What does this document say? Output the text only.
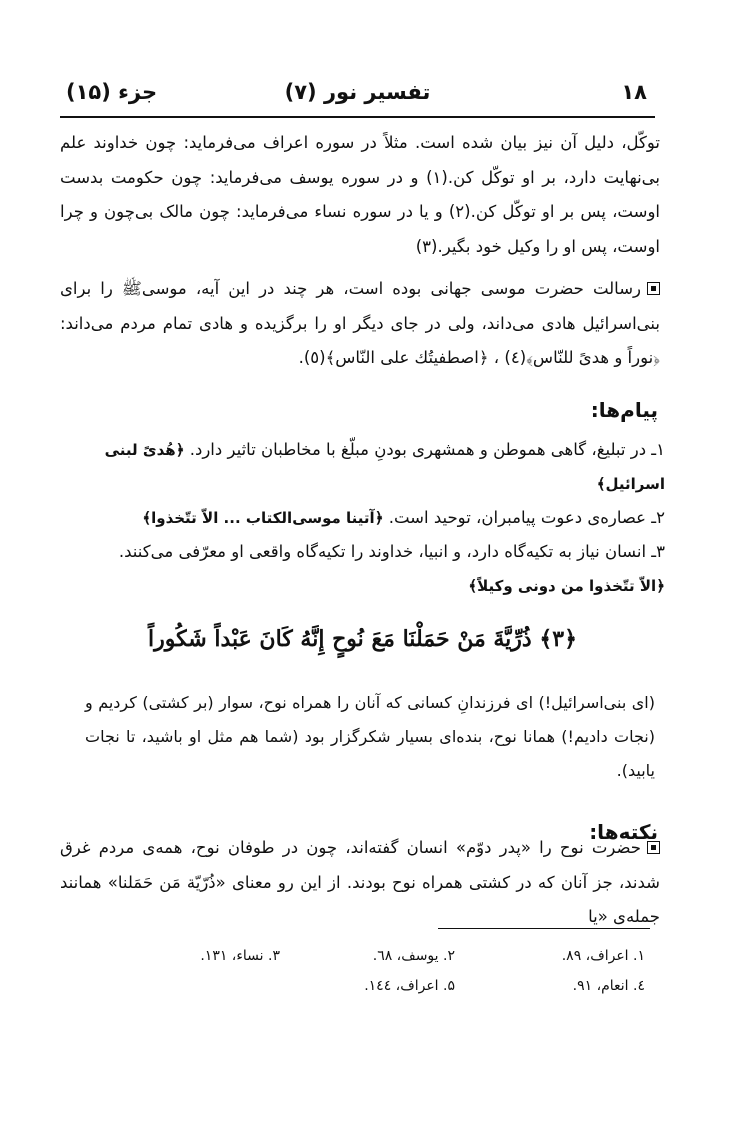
۱۸
تفسیر نور (۷)
جزء (۱۵)
توکّل، دلیل آن نیز بیان شده است. مثلاً در سوره اعراف می‌فرماید: چون خداوند علم بی‌نهایت دارد، بر او توکّل کن.(۱) و در سوره یوسف می‌فرماید: چون حکومت بدست اوست، پس بر او توکّل کن.(۲) و یا در سوره نساء می‌فرماید: چون مالک بی‌چون و چرا اوست، پس او را وکیل خود بگیر.(۳)
رسالت حضرت موسی جهانی بوده است، هر چند در این آیه، موسی‌ﷺ را برای بنی‌اسرائیل هادی می‌داند، ولی در جای دیگر او را برگزیده و هادی تمام مردم می‌داند: ﴿نوراً و هدیً للنّاس﴾(٤) ، ﴿اصطفیتُك علی النّاس﴾(٥).
پیام‌ها:
۱ـ در تبلیغ، گاهی هموطن و همشهری بودنِ مبلّغ با مخاطبان تاثیر دارد. ﴿هُدیً لبنی اسرائیل﴾
۲ـ عصاره‌ی دعوت پیامبران، توحید است. ﴿آتینا موسی‌الکتاب ... الاّ تتّخذوا﴾
۳ـ انسان نیاز به تکیه‌گاه دارد، و انبیا، خداوند را تکیه‌گاه واقعی او معرّفی می‌کنند.
﴿الاّ تتّخذوا من دونی وکیلاً﴾
﴿۳﴾ ذُرِّیَّةَ مَنْ حَمَلْنَا مَعَ نُوحٍ إِنَّهُ کَانَ عَبْداً شَکُوراً
(ای بنی‌اسرائیل!) ای فرزندانِ کسانی که آنان را همراه نوح، سوار (بر کشتی) کردیم و (نجات دادیم!) همانا نوح، بنده‌ای بسیار شکرگزار بود (شما هم مثل او باشید، تا نجات یابید).
نکته‌ها:
حضرت نوح را «پدر دوّم» انسان گفته‌اند، چون در طوفان نوح، همه‌ی مردم غرق شدند، جز آنان که در کشتی همراه نوح بودند. از این رو معنای «ذُرّیّة مَن حَمَلنا» همانند جمله‌ی «یا
۱. اعراف، ۸۹.
۲. یوسف، ٦۸.
۳. نساء، ۱۳۱.
٤. انعام، ۹۱.
۵. اعراف، ۱٤٤.
